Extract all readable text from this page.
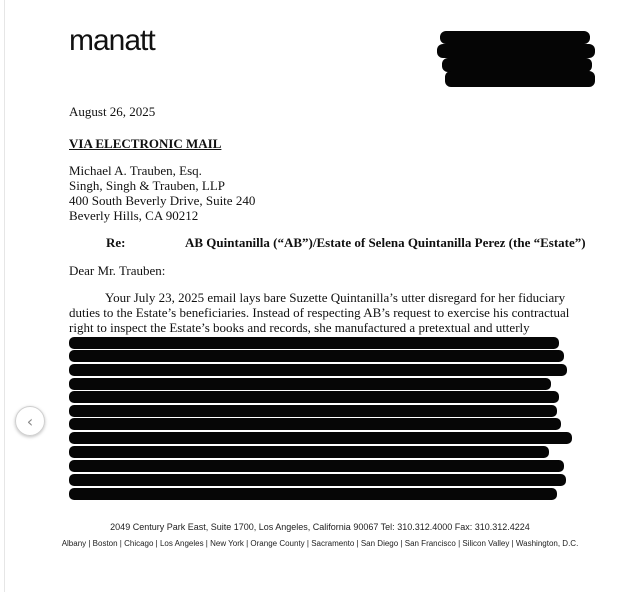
manatt
August 26, 2025
VIA ELECTRONIC MAIL
Michael A. Trauben, Esq.
Singh, Singh & Trauben, LLP
400 South Beverly Drive, Suite 240
Beverly Hills, CA 90212
Re:	AB Quintanilla (“AB”)/Estate of Selena Quintanilla Perez (the “Estate”)
Dear Mr. Trauben:
Your July 23, 2025 email lays bare Suzette Quintanilla’s utter disregard for her fiduciary
duties to the Estate’s beneficiaries. Instead of respecting AB’s request to exercise his contractual
right to inspect the Estate’s books and records, she manufactured a pretextual and utterly
2049 Century Park East, Suite 1700, Los Angeles, California 90067 Tel: 310.312.4000 Fax: 310.312.4224
Albany | Boston | Chicago | Los Angeles | New York | Orange County | Sacramento | San Diego | San Francisco | Silicon Valley | Washington, D.C.
‹
